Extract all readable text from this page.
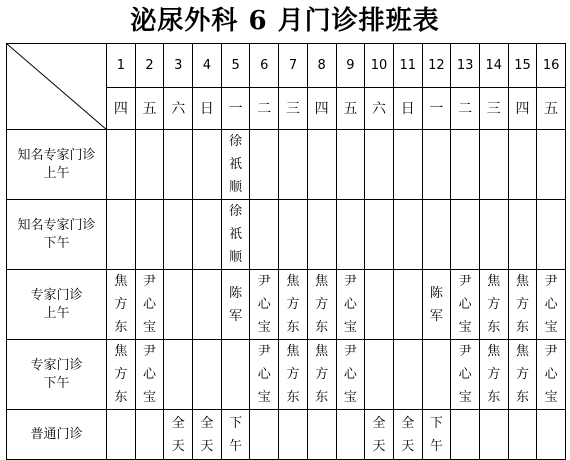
泌尿外科 6 月门诊排班表
	1	2	3	4	5	6	7	8	9	10	11	12	13	14	15	16
	四	五	六	日	一	二	三	四	五	六	日	一	二	三	四	五

知名专家门诊
上午					徐祇顺											

知名专家门诊
下午					徐祇顺											

专家门诊
上午	焦方东	尹心宝			陈军	尹心宝	焦方东	焦方东	尹心宝			陈军	尹心宝	焦方东	焦方东	尹心宝

专家门诊
下午	焦方东	尹心宝				尹心宝	焦方东	焦方东	尹心宝				尹心宝	焦方东	焦方东	尹心宝

普通门诊			全天	全天	下午					全天	全天	下午				
